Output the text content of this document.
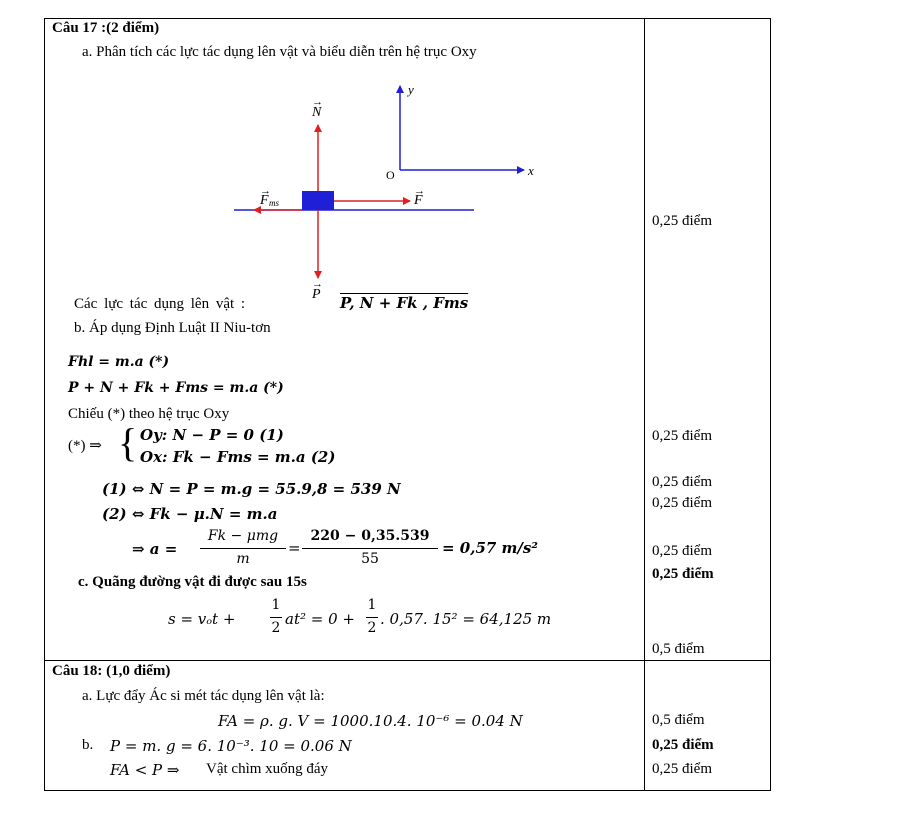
Câu 17 :(2 điểm)
a. Phân tích các lực tác dụng lên vật và biểu diễn trên hệ trục Oxy
y
O	x
N
→
P
→
F
→
F ms
→
Các lực tác dụng lên vật :	P, N + Fk , Fms
b. Áp dụng Định Luật II Niu-tơn
Fhl = m.a (*)
P + N + Fk + Fms = m.a (*)
Chiếu (*) theo hệ trục Oxy
(*) ⇒ { Oy: N − P = 0 (1)
Ox: Fk − Fms = m.a (2)
(1) ⇔ N = P = m.g = 55.9,8 = 539 N
(2) ⇔ Fk − μ.N = m.a
⇒ a =
Fk − μmg
m
=
220 − 0,35.539
55
= 0,57 m/s²
c. Quãng đường vật đi được sau 15s
s = vₒt +
1
2 at² = 0 +
1
2 . 0,57. 15² = 64,125 m
0,25 điểm
0,25 điểm
0,25 điểm
0,25 điểm
0,25 điểm
0,25 điểm
0,5 điểm
Câu 18: (1,0 điểm)
a. Lực đẩy Ác si mét tác dụng lên vật là:
FA = ρ. g. V = 1000.10.4. 10⁻⁶ = 0.04 N
b. P = m. g = 6. 10⁻³. 10 = 0.06 N
FA < P ⇒ Vật chìm xuống đáy
0,5 điểm
0,25 điểm
0,25 điểm
